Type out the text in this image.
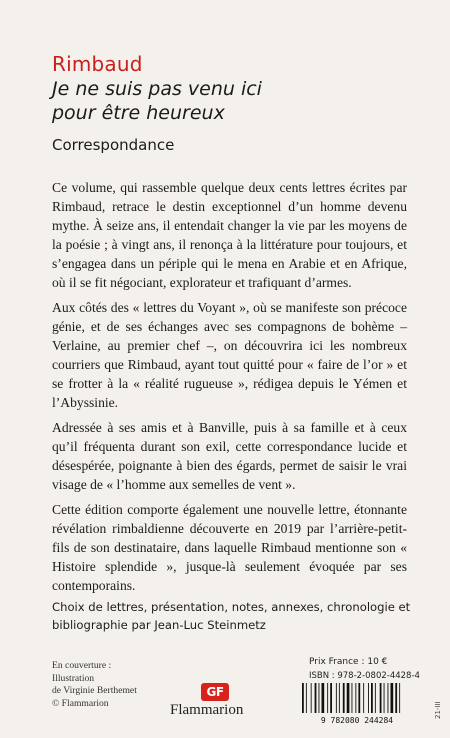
Rimbaud
Je ne suis pas venu ici
pour être heureux
Correspondance

Ce volume, qui rassemble quelque deux cents lettres écrites par Rimbaud, retrace le destin exceptionnel d’un homme devenu mythe. À seize ans, il entendait changer la vie par les moyens de la poésie ; à vingt ans, il renonça à la littérature pour toujours, et s’engagea dans un périple qui le mena en Arabie et en Afrique, où il se fit négociant, explorateur et trafiquant d’armes.

Aux côtés des « lettres du Voyant », où se manifeste son précoce génie, et de ses échanges avec ses compagnons de bohème – Verlaine, au premier chef –, on découvrira ici les nombreux courriers que Rimbaud, ayant tout quitté pour « faire de l’or » et se frotter à la « réalité rugueuse », rédigea depuis le Yémen et l’Abyssinie.

Adressée à ses amis et à Banville, puis à sa famille et à ceux qu’il fréquenta durant son exil, cette correspondance lucide et désespérée, poignante à bien des égards, permet de saisir le vrai visage de « l’homme aux semelles de vent ».

Cette édition comporte également une nouvelle lettre, étonnante révélation rimbaldienne découverte en 2019 par l’arrière-petit-fils de son destinataire, dans laquelle Rimbaud mentionne son « Histoire splendide », jusque-là seulement évoquée par ses contemporains.

Choix de lettres, présentation, notes, annexes, chronologie et bibliographie par Jean-Luc Steinmetz
En couverture :
Illustration
de Virginie Berthemet
© Flammarion
GF
Flammarion
Prix France : 10 €
ISBN : 978-2-0802-4428-4
9 782080 244284
21-III
